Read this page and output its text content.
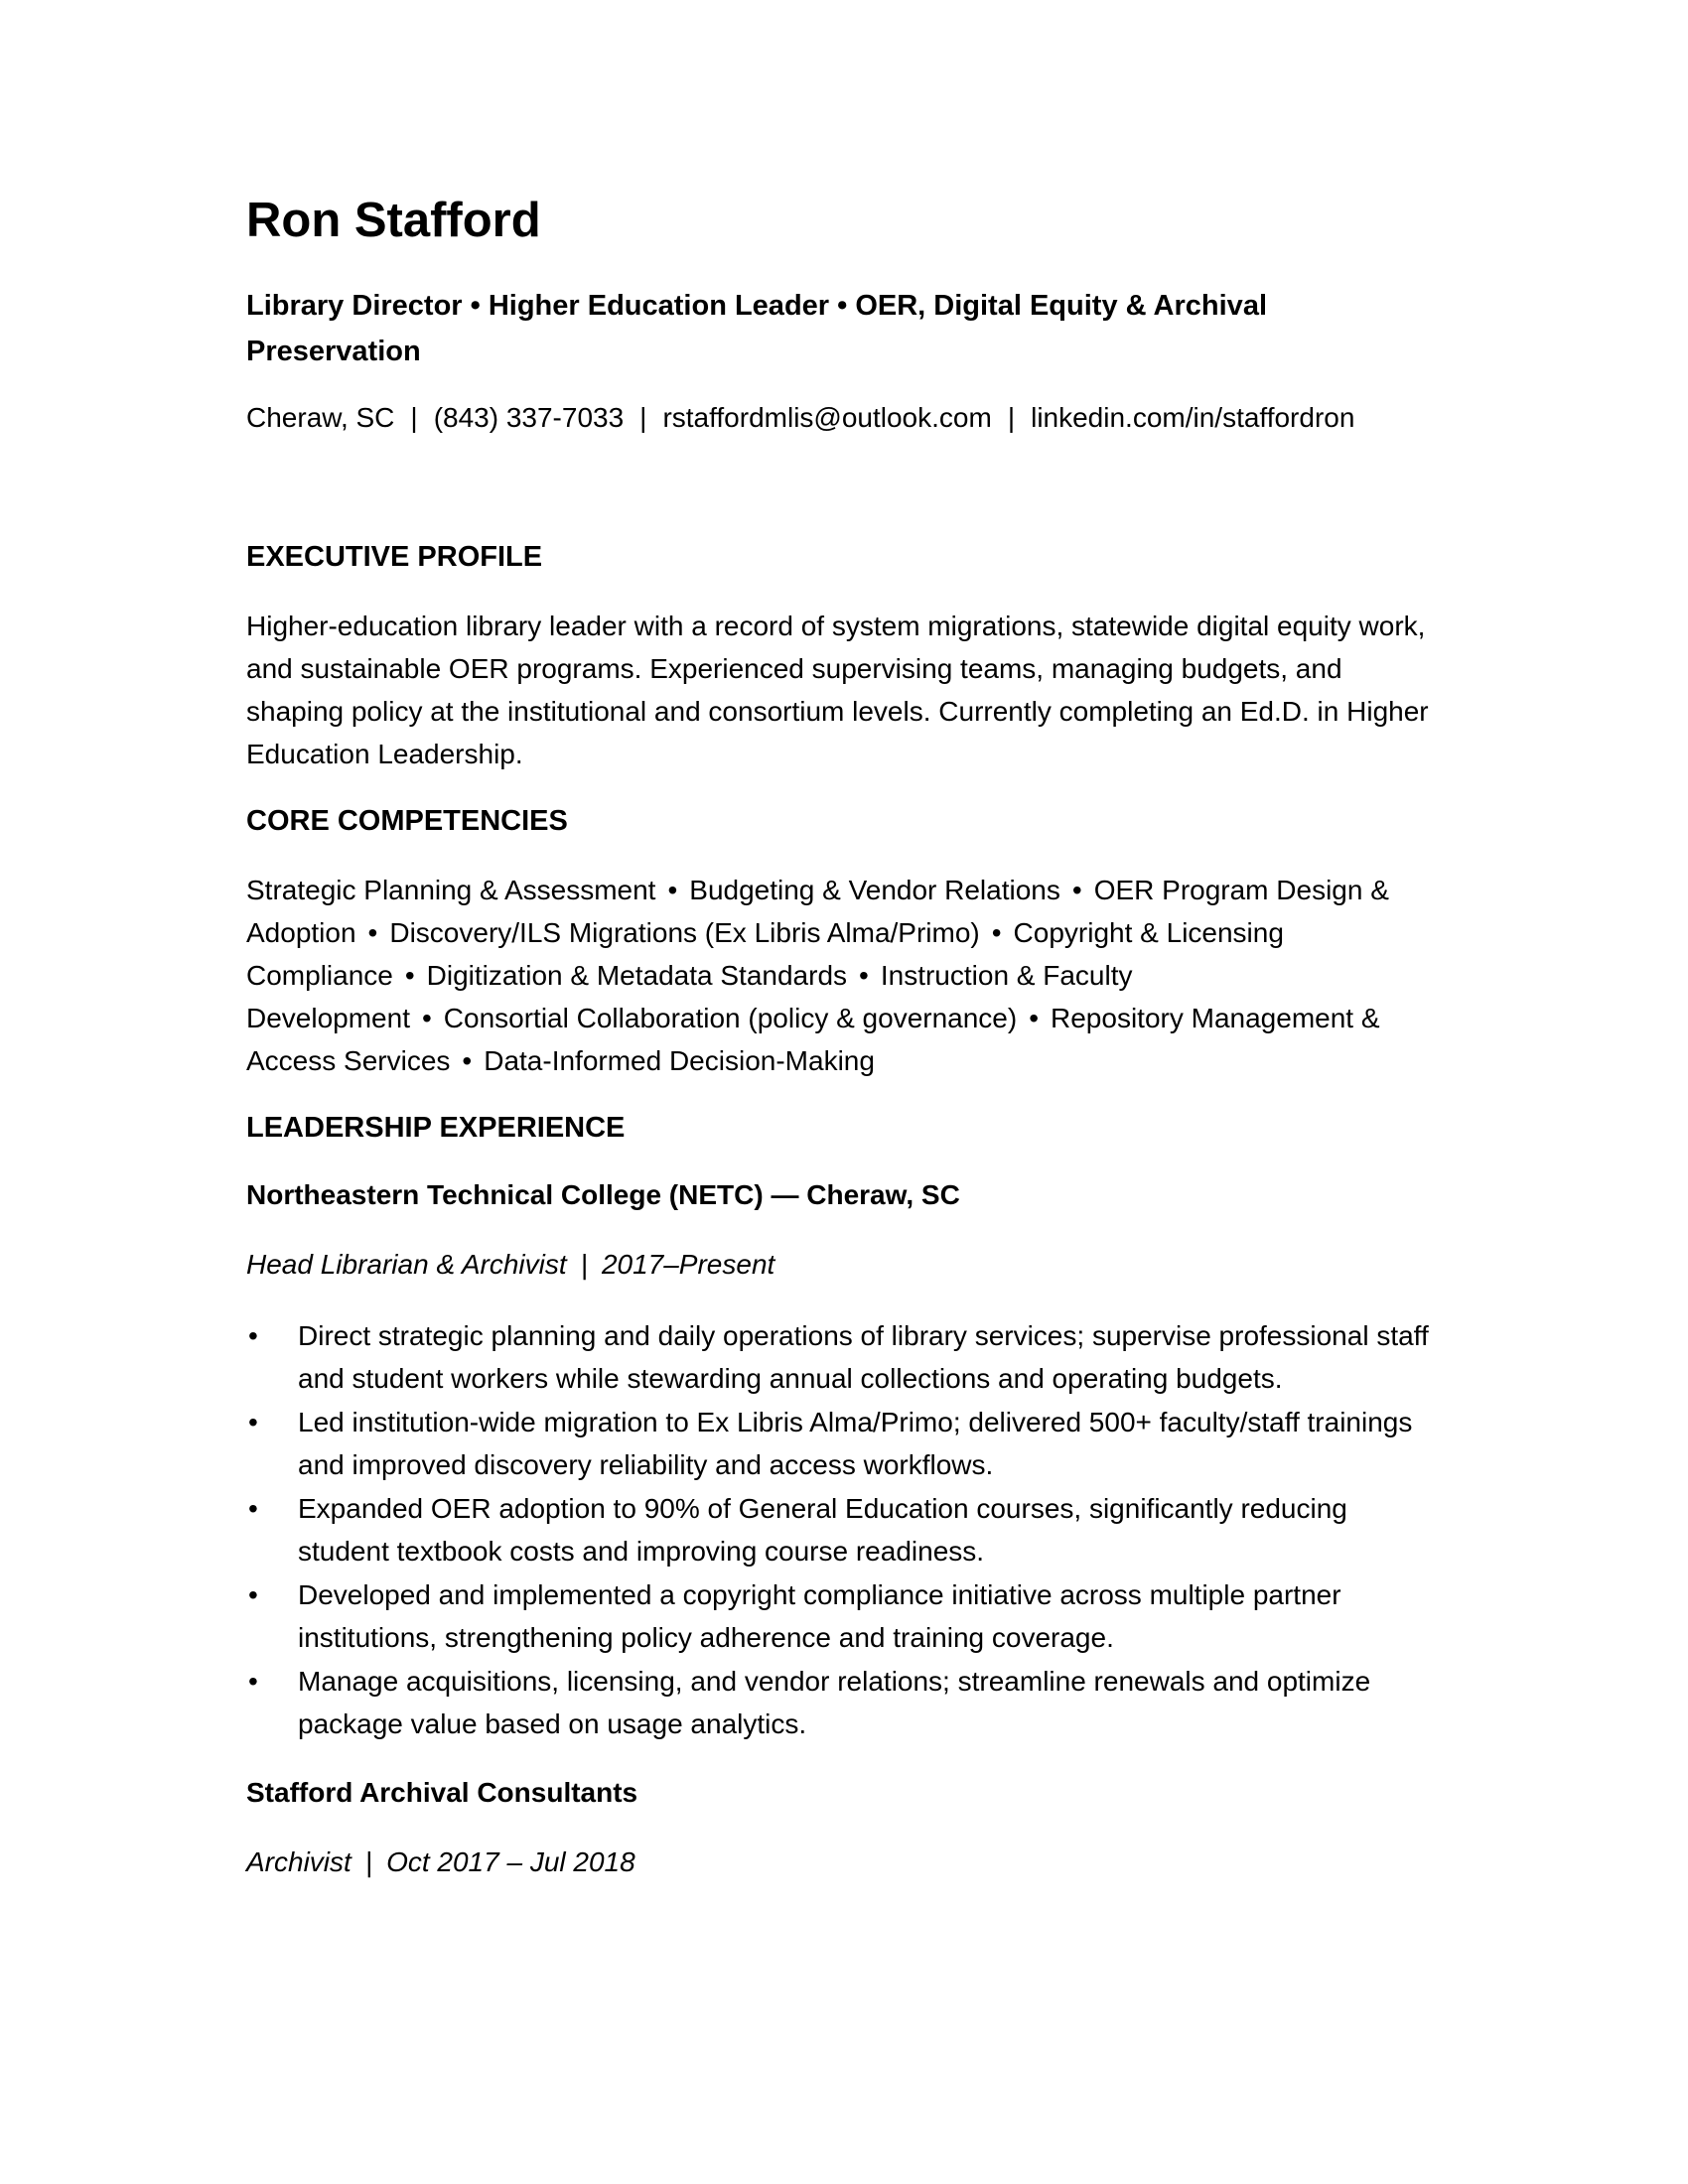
Ron Stafford
Library Director • Higher Education Leader • OER, Digital Equity & Archival Preservation
Cheraw, SC | (843) 337-7033 | rstaffordmlis@outlook.com | linkedin.com/in/staffordron
EXECUTIVE PROFILE

Higher-education library leader with a record of system migrations, statewide digital equity work, and sustainable OER programs. Experienced supervising teams, managing budgets, and shaping policy at the institutional and consortium levels. Currently completing an Ed.D. in Higher Education Leadership.

CORE COMPETENCIES
Strategic Planning & Assessment • Budgeting & Vendor Relations • OER Program Design & Adoption • Discovery/ILS Migrations (Ex Libris Alma/Primo) • Copyright & Licensing Compliance • Digitization & Metadata Standards • Instruction & Faculty Development • Consortial Collaboration (policy & governance) • Repository Management & Access Services • Data-Informed Decision-Making
LEADERSHIP EXPERIENCE
Northeastern Technical College (NETC) — Cheraw, SC
Head Librarian & Archivist | 2017–Present
• Direct strategic planning and daily operations of library services; supervise professional staff and student workers while stewarding annual collections and operating budgets.
• Led institution-wide migration to Ex Libris Alma/Primo; delivered 500+ faculty/staff trainings and improved discovery reliability and access workflows.
• Expanded OER adoption to 90% of General Education courses, significantly reducing student textbook costs and improving course readiness.
• Developed and implemented a copyright compliance initiative across multiple partner institutions, strengthening policy adherence and training coverage.
• Manage acquisitions, licensing, and vendor relations; streamline renewals and optimize package value based on usage analytics.
Stafford Archival Consultants
Archivist | Oct 2017 – Jul 2018
